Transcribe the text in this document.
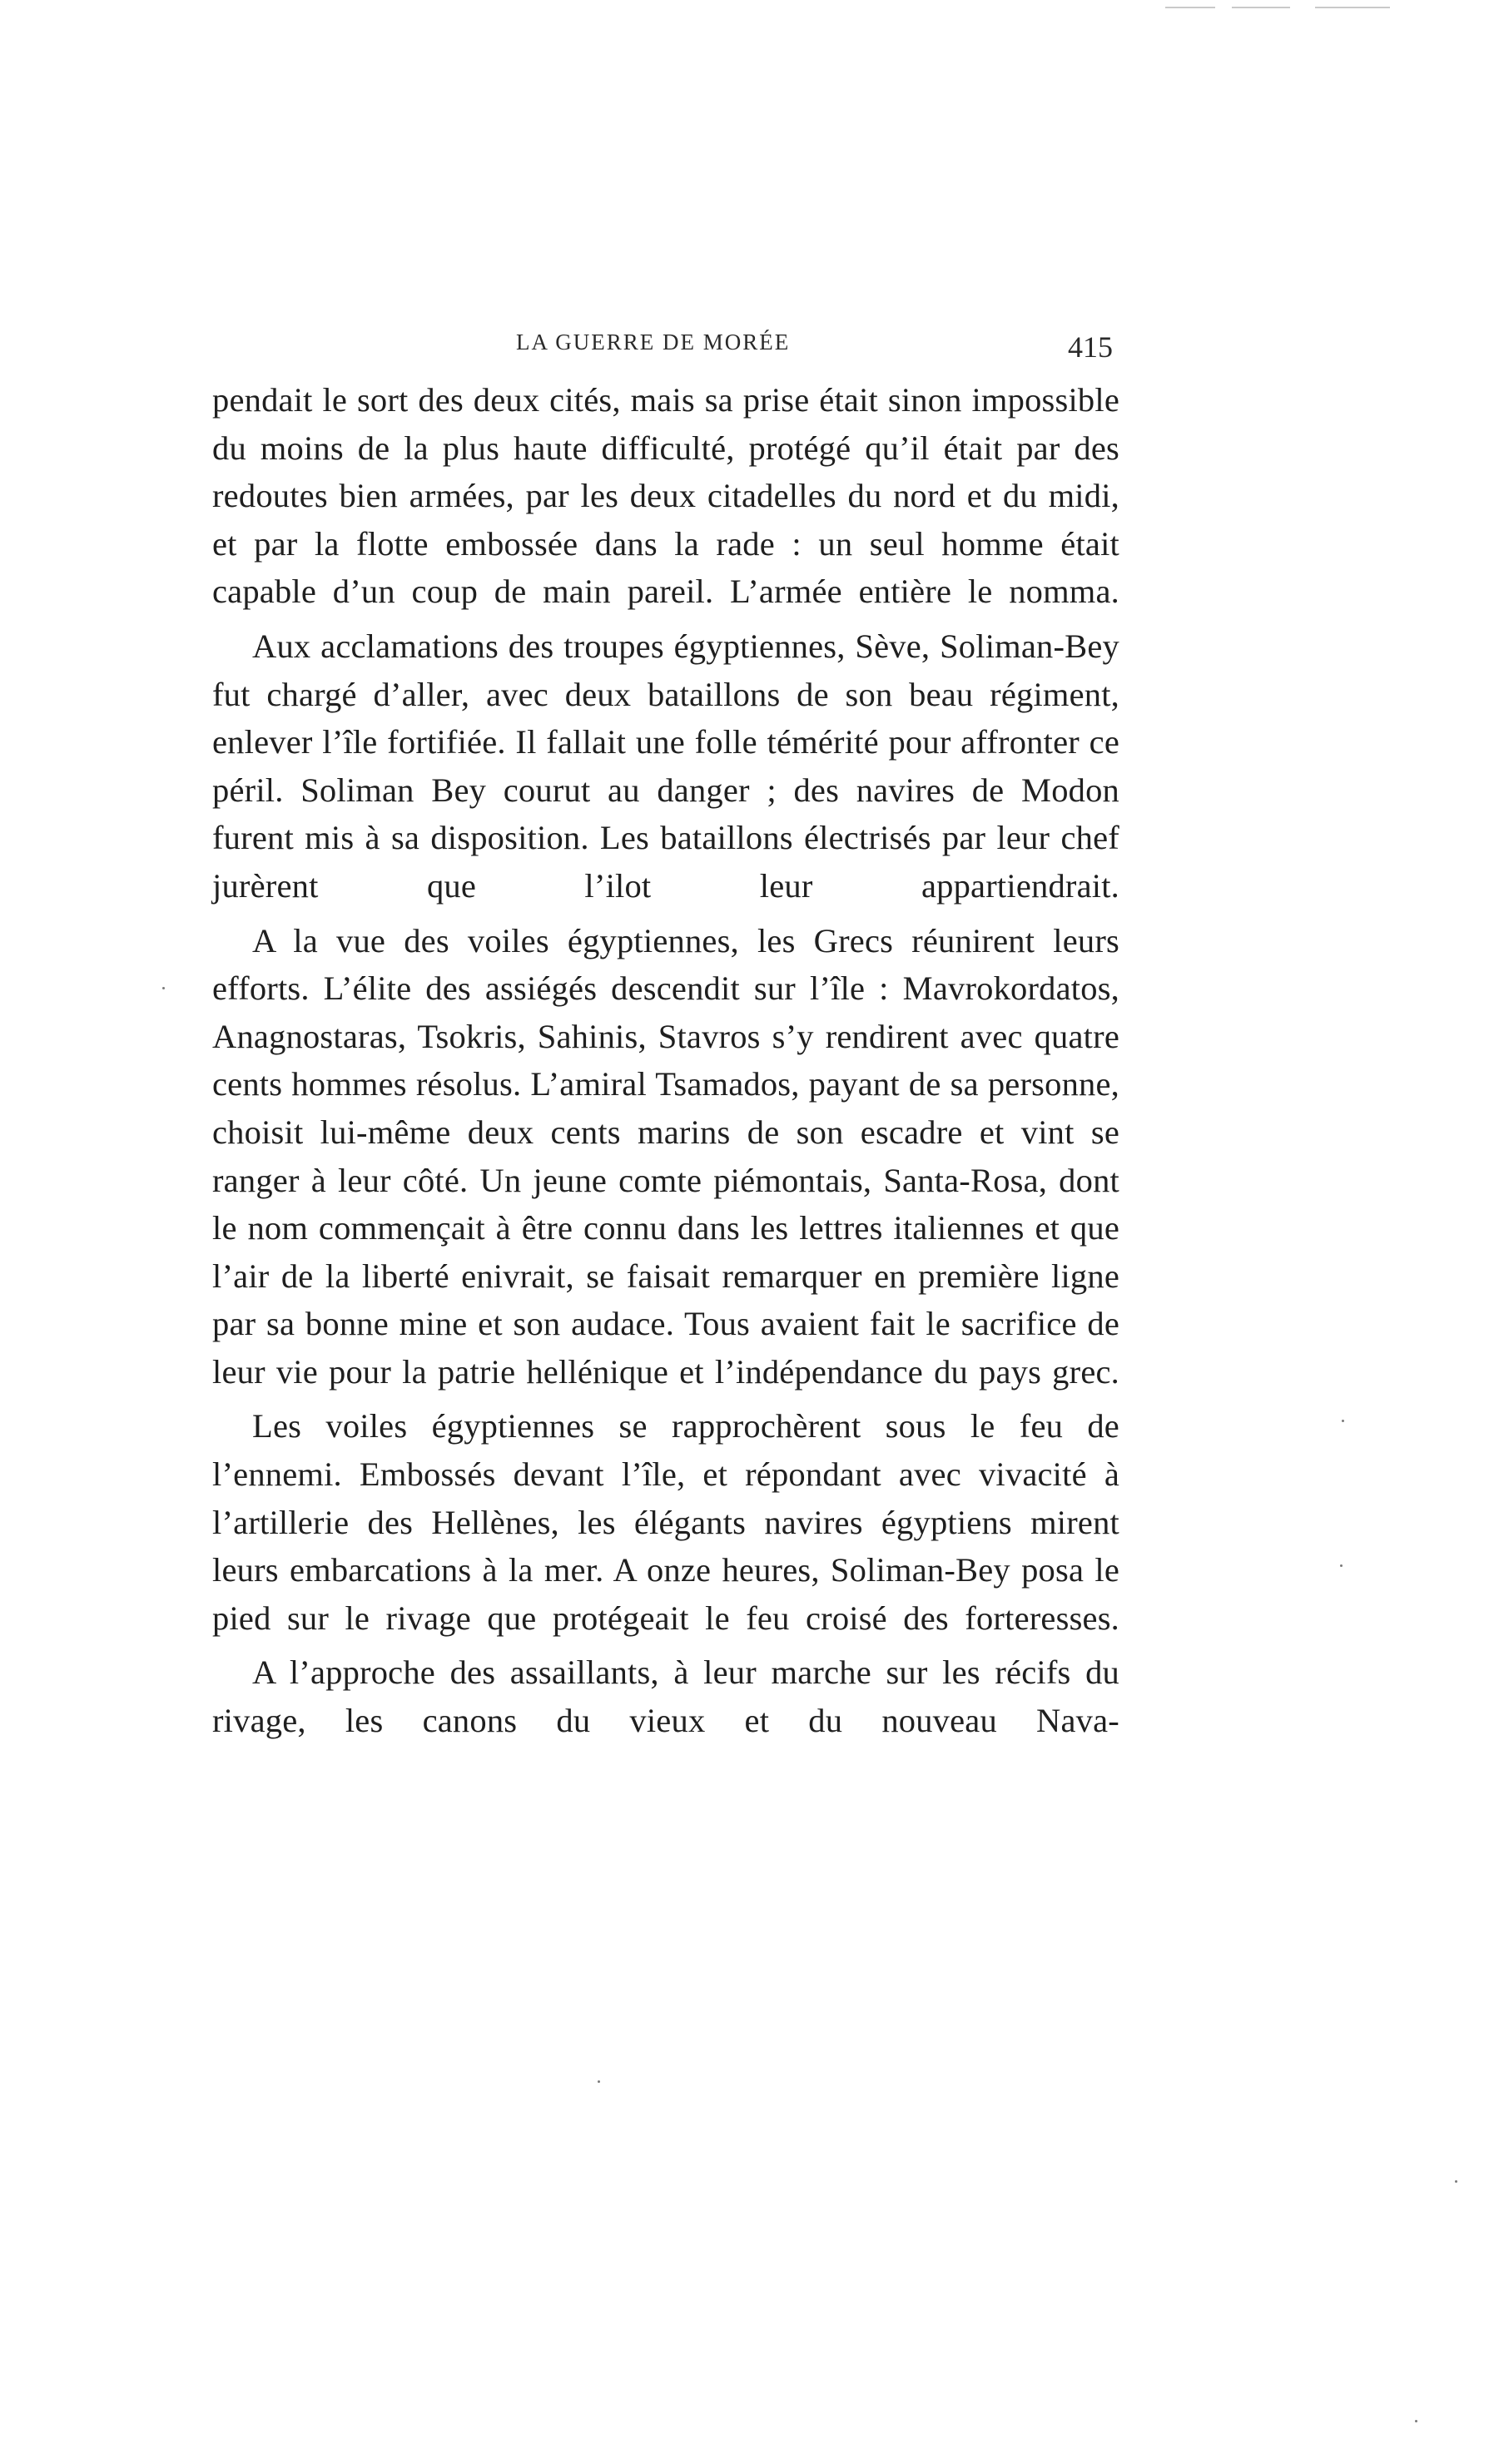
LA GUERRE DE MORÉE	415

pendait le sort des deux cités, mais sa prise était sinon impossible du moins de la plus haute difficulté, protégé qu’il était par des redoutes bien armées, par les deux citadelles du nord et du midi, et par la flotte embossée dans la rade : un seul homme était capable d’un coup de main pareil. L’armée entière le nomma.

Aux acclamations des troupes égyptiennes, Sève, Soliman-Bey fut chargé d’aller, avec deux bataillons de son beau régiment, enlever l’île fortifiée. Il fallait une folle témérité pour affronter ce péril. Soliman Bey courut au danger ; des navires de Modon furent mis à sa disposition. Les bataillons électrisés par leur chef jurèrent que l’ilot leur appartiendrait.

A la vue des voiles égyptiennes, les Grecs réunirent leurs efforts. L’élite des assiégés descendit sur l’île : Mavrokordatos, Anagnostaras, Tsokris, Sahinis, Stavros s’y rendirent avec quatre cents hommes résolus. L’amiral Tsamados, payant de sa personne, choisit lui-même deux cents marins de son escadre et vint se ranger à leur côté. Un jeune comte piémontais, Santa-Rosa, dont le nom commençait à être connu dans les lettres italiennes et que l’air de la liberté enivrait, se faisait remarquer en première ligne par sa bonne mine et son audace. Tous avaient fait le sacrifice de leur vie pour la patrie hellénique et l’indépendance du pays grec.

Les voiles égyptiennes se rapprochèrent sous le feu de l’ennemi. Embossés devant l’île, et répondant avec vivacité à l’artillerie des Hellènes, les élégants navires égyptiens mirent leurs embarcations à la mer. A onze heures, Soliman-Bey posa le pied sur le rivage que protégeait le feu croisé des forteresses.

A l’approche des assaillants, à leur marche sur les récifs du rivage, les canons du vieux et du nouveau Nava-
